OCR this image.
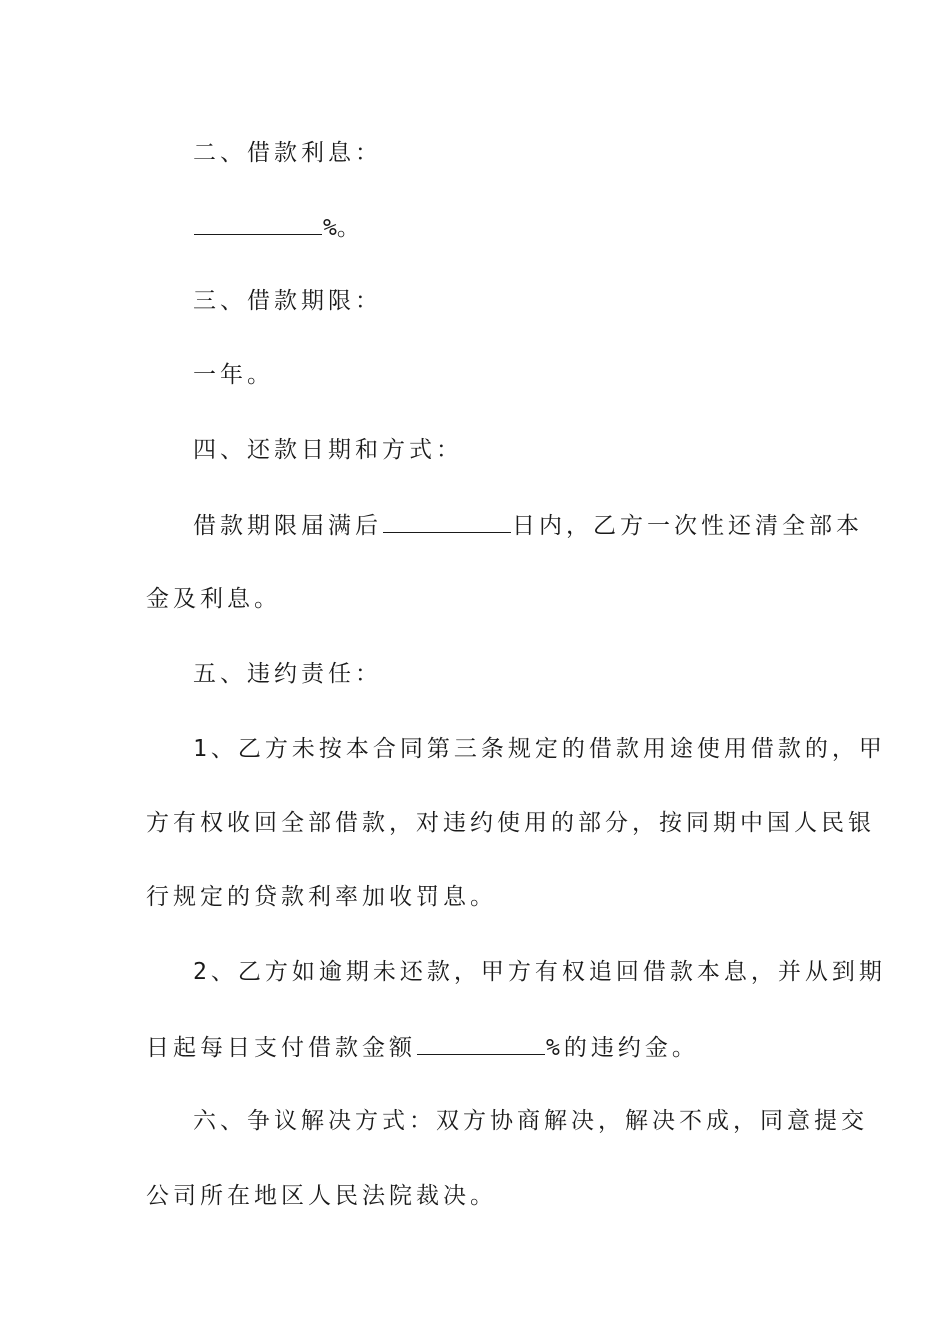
二、借款利息：
%。
三、借款期限：
一年。
四、还款日期和方式：
借款期限届满后	日内，乙方一次性还清全部本
金及利息。
五、违约责任：
1、乙方未按本合同第三条规定的借款用途使用借款的，甲
方有权收回全部借款，对违约使用的部分，按同期中国人民银
行规定的贷款利率加收罚息。
2、乙方如逾期未还款，甲方有权追回借款本息，并从到期
日起每日支付借款金额	%的违约金。
六、争议解决方式：双方协商解决，解决不成，同意提交
公司所在地区人民法院裁决。
